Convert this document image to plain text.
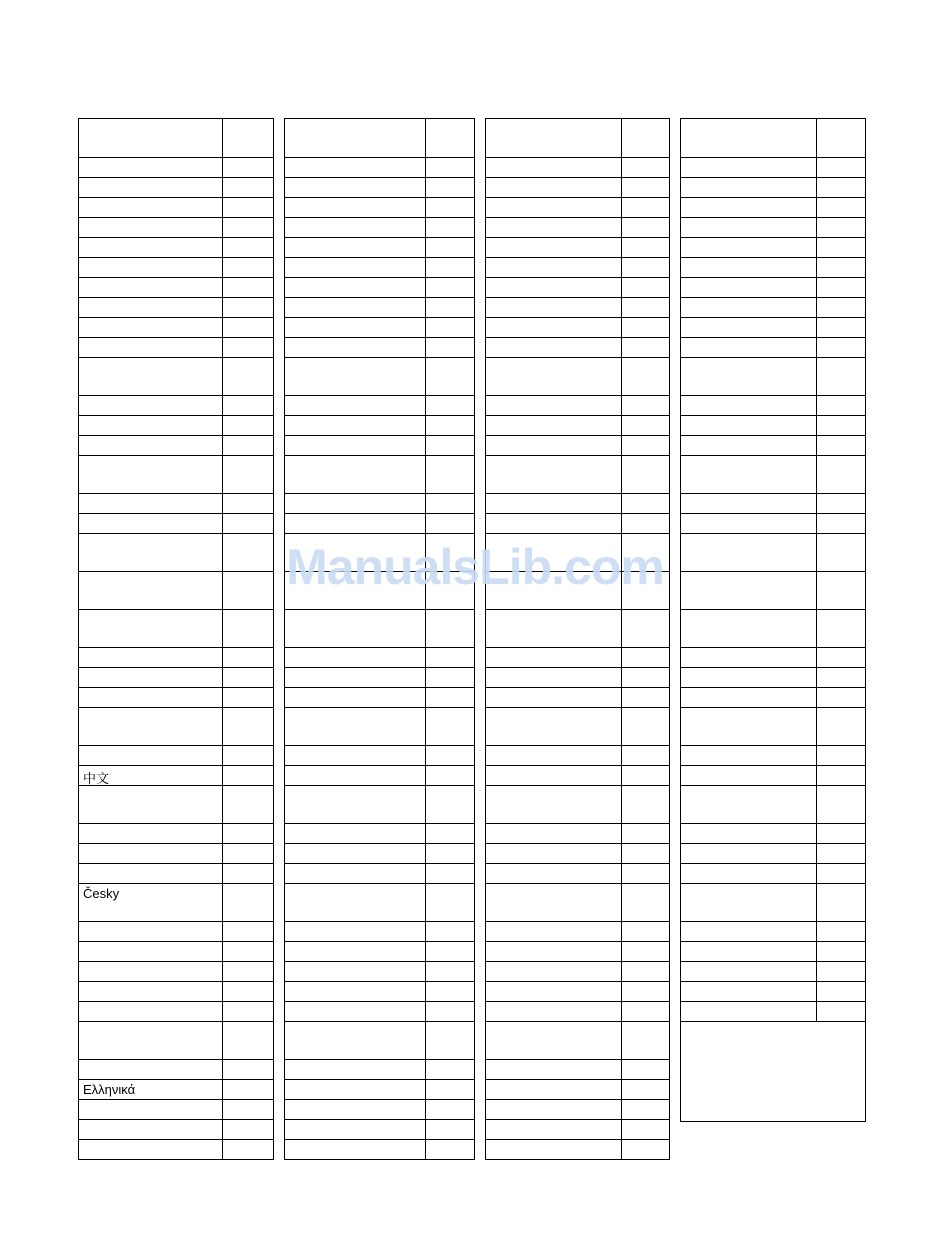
中文
Česky
Ελληνικά
ManualsLib.com
